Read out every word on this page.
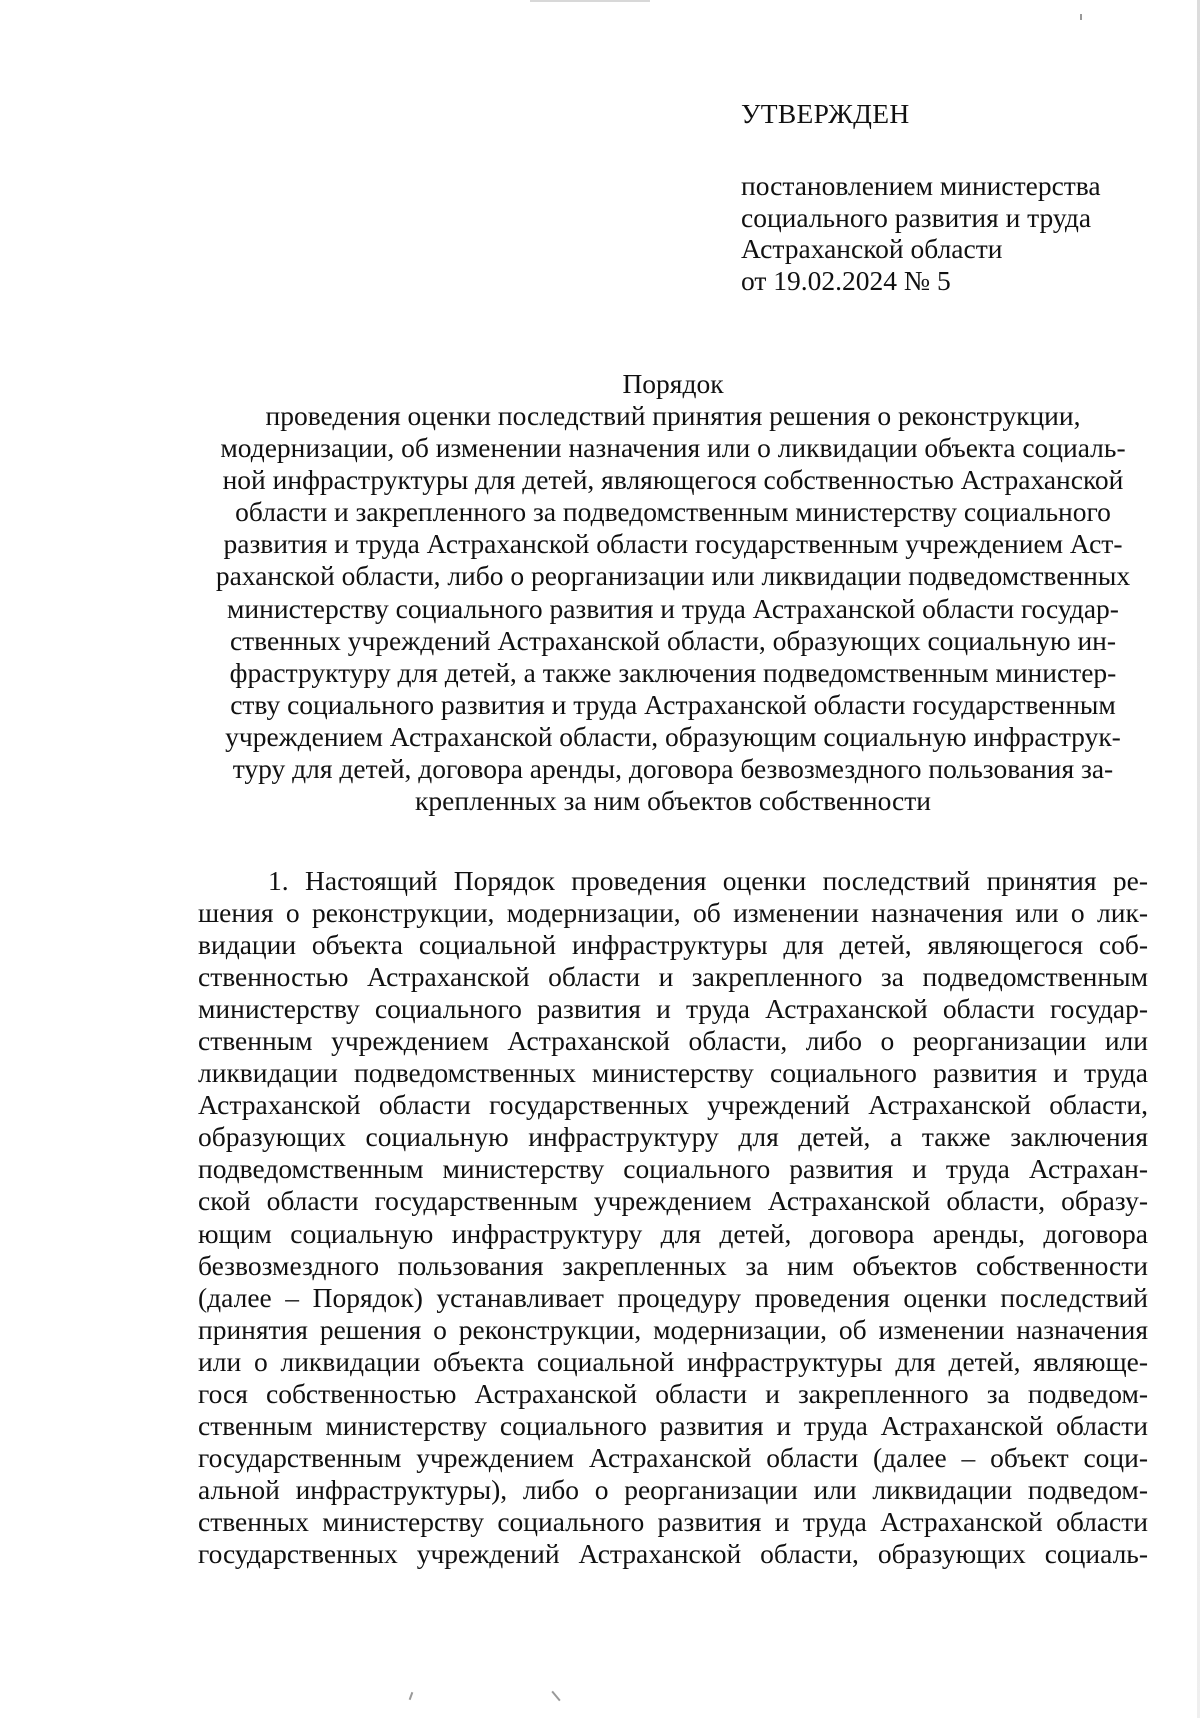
УТВЕРЖДЕН
постановлением министерства
социального развития и труда
Астраханской области
от 19.02.2024 № 5
Порядок
проведения оценки последствий принятия решения о реконструкции,
модернизации, об изменении назначения или о ликвидации объекта социаль-
ной инфраструктуры для детей, являющегося собственностью Астраханской
области и закрепленного за подведомственным министерству социального
развития и труда Астраханской области государственным учреждением Аст-
раханской области, либо о реорганизации или ликвидации подведомственных
министерству социального развития и труда Астраханской области государ-
ственных учреждений Астраханской области, образующих социальную ин-
фраструктуру для детей, а также заключения подведомственным министер-
ству социального развития и труда Астраханской области государственным
учреждением Астраханской области, образующим социальную инфраструк-
туру для детей, договора аренды, договора безвозмездного пользования за-
крепленных за ним объектов собственности
1. Настоящий Порядок проведения оценки последствий принятия ре-
шения о реконструкции, модернизации, об изменении назначения или о лик-
видации объекта социальной инфраструктуры для детей, являющегося соб-
ственностью Астраханской области и закрепленного за подведомственным
министерству социального развития и труда Астраханской области государ-
ственным учреждением Астраханской области, либо о реорганизации или
ликвидации подведомственных министерству социального развития и труда
Астраханской области государственных учреждений Астраханской области,
образующих социальную инфраструктуру для детей, а также заключения
подведомственным министерству социального развития и труда Астрахан-
ской области государственным учреждением Астраханской области, образу-
ющим социальную инфраструктуру для детей, договора аренды, договора
безвозмездного пользования закрепленных за ним объектов собственности
(далее – Порядок) устанавливает процедуру проведения оценки последствий
принятия решения о реконструкции, модернизации, об изменении назначения
или о ликвидации объекта социальной инфраструктуры для детей, являюще-
гося собственностью Астраханской области и закрепленного за подведом-
ственным министерству социального развития и труда Астраханской области
государственным учреждением Астраханской области (далее – объект соци-
альной инфраструктуры), либо о реорганизации или ликвидации подведом-
ственных министерству социального развития и труда Астраханской области
государственных учреждений Астраханской области, образующих социаль-
